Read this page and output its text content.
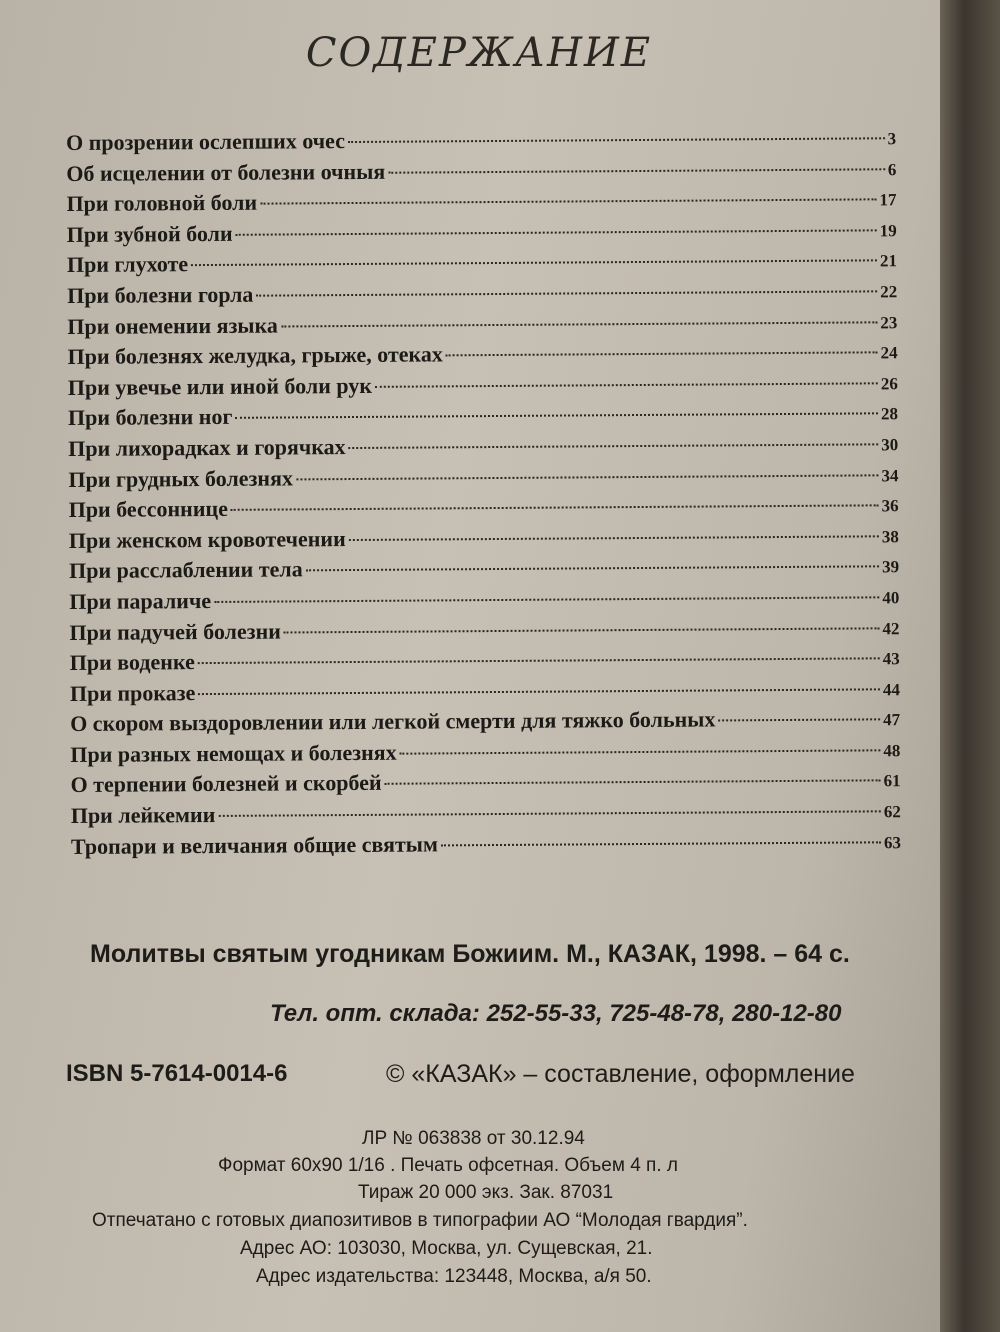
СОДЕРЖАНИЕ
О прозрении ослепших очес	3
Об исцелении от болезни очныя	6
При головной боли	17
При зубной боли	19
При глухоте	21
При болезни горла	22
При онемении языка	23
При болезнях желудка, грыже, отеках	24
При увечье или иной боли рук	26
При болезни ног	28
При лихорадках и горячках	30
При грудных болезнях	34
При бессоннице	36
При женском кровотечении	38
При расслаблении тела	39
При параличе	40
При падучей болезни	42
При воденке	43
При проказе	44
О скором выздоровлении или легкой смерти для тяжко больных	47
При разных немощах и болезнях	48
О терпении болезней и скорбей	61
При лейкемии	62
Тропари и величания общие святым	63
Молитвы святым угодникам Божиим. М., КАЗАК, 1998. – 64 с.
Тел. опт. склада: 252-55-33, 725-48-78, 280-12-80
ISBN 5-7614-0014-6	© «КАЗАК» – составление, оформление
ЛР № 063838 от 30.12.94
Формат 60x90 1/16 . Печать офсетная. Объем 4 п. л
Тираж 20 000 экз. Зак. 87031
Отпечатано с готовых диапозитивов в типографии АО “Молодая гвардия”.
Адрес АО: 103030, Москва, ул. Сущевская, 21.
Адрес издательства: 123448, Москва, а/я 50.
